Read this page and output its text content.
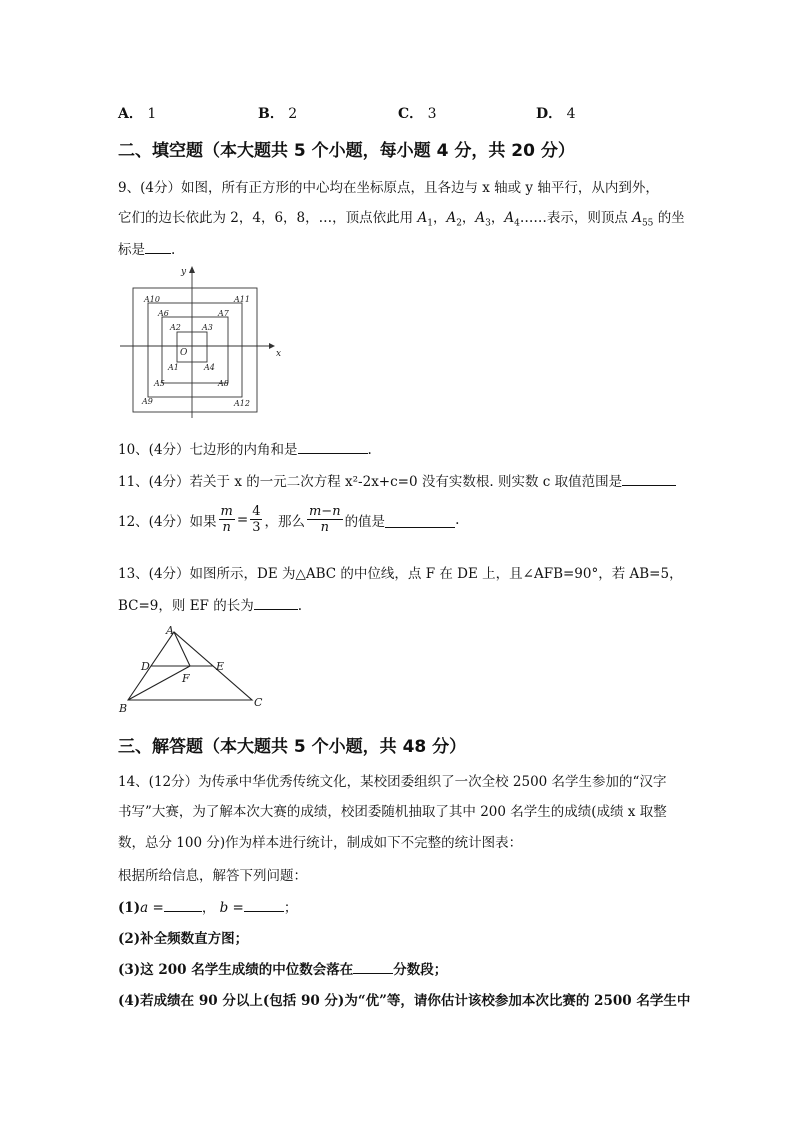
A． 1	B． 2	C． 3	D． 4
二、填空题（本大题共 5 个小题，每小题 4 分，共 20 分）
9、(4分）如图，所有正方形的中心均在坐标原点，且各边与 x 轴或 y 轴平行，从内到外，
它们的边长依此为 2，4，6，8，…，顶点依此用 $A_1$，$A_2$，$A_3$，$A_4\dots\dots$表示，则顶点 $A_{55}$ 的坐
标是 .
x
y
O
A1
A2	A3
A4
A5
A6	A7
A8
A9
A10	A11
A12
10、(4分）七边形的内角和是	.
11、(4分）若关于 x 的一元二次方程 x²-2x+c=0 没有实数根. 则实数 c 取值范围是
12、(4分）如果 $\frac{m}{n} = \frac{4}{3}$ ，那么 $\frac{m-n}{n}$ 的值是	.
13、(4分）如图所示，DE 为△ABC 的中位线，点 F 在 DE 上，且∠AFB=90°，若 AB=5，
BC=9，则 EF 的长为	.
A
B	C
D	E
F
三、解答题（本大题共 5 个小题，共 48 分）
14、(12分）为传承中华优秀传统文化，某校团委组织了一次全校 2500 名学生参加的“汉字
书写”大赛，为了解本次大赛的成绩，校团委随机抽取了其中 200 名学生的成绩(成绩 x 取整
数，总分 100 分)作为样本进行统计，制成如下不完整的统计图表：
根据所给信息，解答下列问题：
(1)a =	， b =	；
(2)补全频数直方图；
(3)这 200 名学生成绩的中位数会落在	分数段；
(4)若成绩在 90 分以上(包括 90 分)为“优”等，请你估计该校参加本次比赛的 2500 名学生中
